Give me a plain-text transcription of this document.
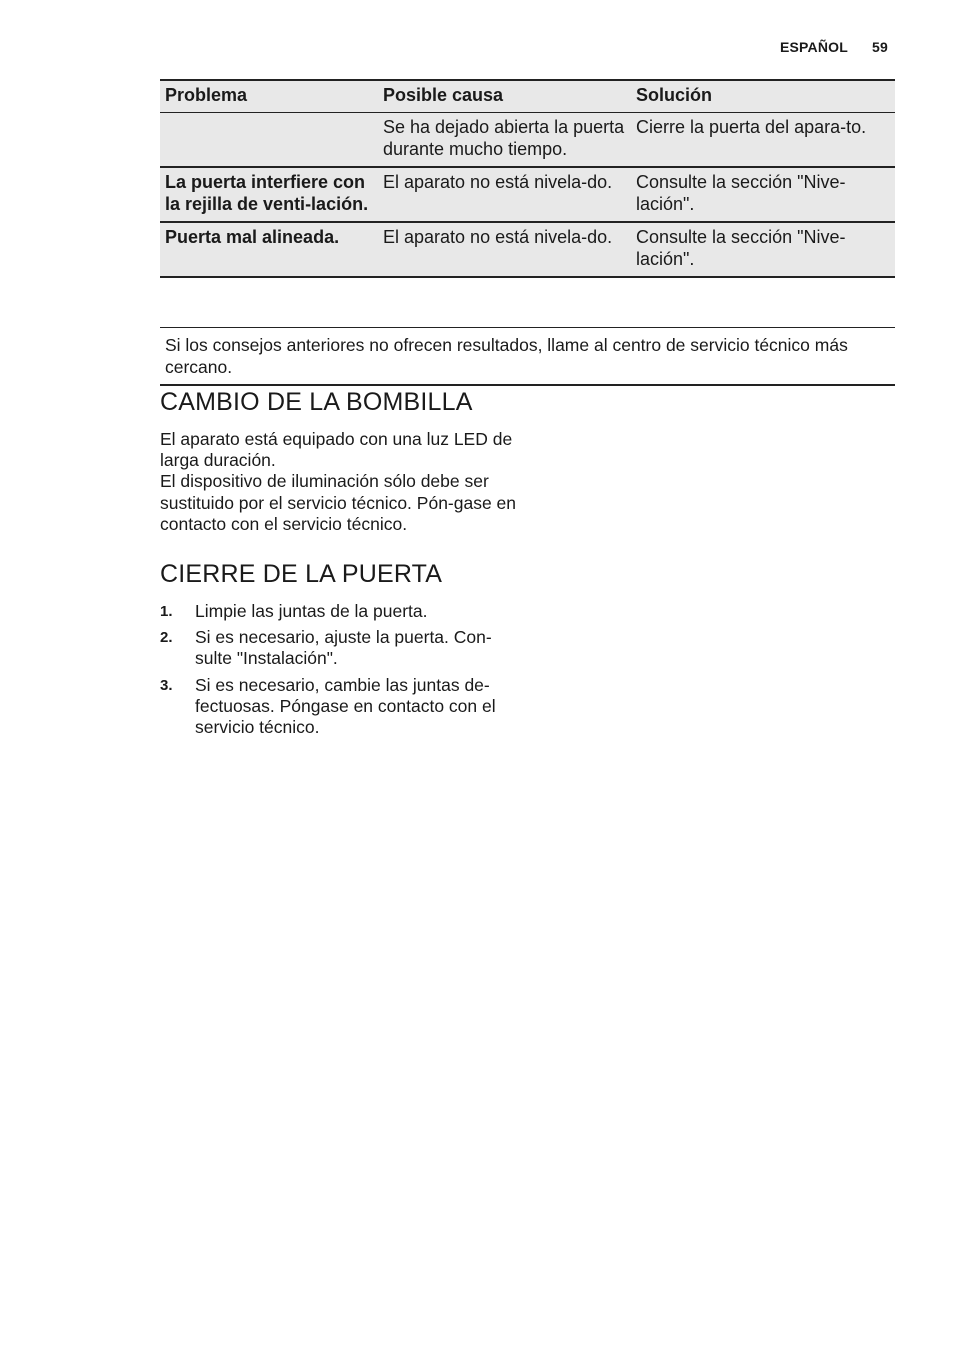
ESPAÑOL 59
Problema	Posible causa	Solución
	Se ha dejado abierta la puerta durante mucho tiempo.	Cierre la puerta del apara-to.
La puerta interfiere con la rejilla de venti-lación.	El aparato no está nivela-do.	Consulte la sección "Nive-lación".
Puerta mal alineada.	El aparato no está nivela-do.	Consulte la sección "Nive-lación".
Si los consejos anteriores no ofrecen resultados, llame al centro de servicio técnico más cercano.
CAMBIO DE LA BOMBILLA
El aparato está equipado con una luz LED de larga duración.
El dispositivo de iluminación sólo debe ser sustituido por el servicio técnico. Pón-gase en contacto con el servicio técnico.
CIERRE DE LA PUERTA
1. Limpie las juntas de la puerta.
2. Si es necesario, ajuste la puerta. Con-sulte "Instalación".
3. Si es necesario, cambie las juntas de-fectuosas. Póngase en contacto con el servicio técnico.
